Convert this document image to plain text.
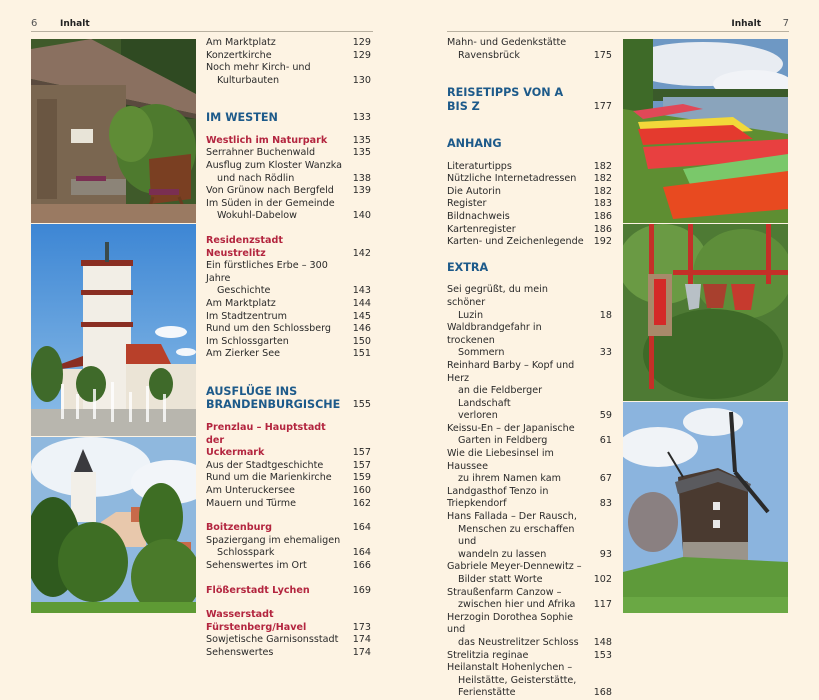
6	Inhalt	Inhalt 7
Am Marktplatz	129
Konzertkirche	129
Noch mehr Kirch- und
Kulturbauten	130
IM WESTEN	133
Westlich im Naturpark	135
Serrahner Buchenwald	135
Ausflug zum Kloster Wanzka
und nach Rödlin	138
Von Grünow nach Bergfeld	139
Im Süden in der Gemeinde
Wokuhl-Dabelow	140
Residenzstadt Neustrelitz	142
Ein fürstliches Erbe – 300 Jahre
Geschichte	143
Am Marktplatz	144
Im Stadtzentrum	145
Rund um den Schlossberg	146
Im Schlossgarten	150
Am Zierker See	151
AUSFLÜGE INS
BRANDENBURGISCHE 155
Prenzlau – Hauptstadt der
Uckermark	157
Aus der Stadtgeschichte	157
Rund um die Marienkirche	159
Am Unteruckersee	160
Mauern und Türme	162
Boitzenburg	164
Spaziergang im ehemaligen
Schlosspark	164
Sehenswertes im Ort	166
Flößerstadt Lychen	169
Wasserstadt Fürstenberg/Havel	173
Sowjetische Garnisonsstadt	174
Sehenswertes	174
Mahn- und Gedenkstätte
Ravensbrück	175
REISETIPPS VON A BIS Z	177
ANHANG
Literaturtipps	182
Nützliche Internetadressen	182
Die Autorin	182
Register	183
Bildnachweis	186
Kartenregister	186
Karten- und Zeichenlegende 192
EXTRA
Sei gegrüßt, du mein schöner
Luzin	18
Waldbrandgefahr in trockenen
Sommern	33
Reinhard Barby – Kopf und Herz
an die Feldberger Landschaft
verloren	59
Keissu-En – der Japanische
Garten in Feldberg	61
Wie die Liebesinsel im Haussee
zu ihrem Namen kam	67
Landgasthof Tenzo in Triepkendorf	83
Hans Fallada – Der Rausch,
Menschen zu erschaffen und
wandeln zu lassen	93
Gabriele Meyer-Dennewitz –
Bilder statt Worte	102
Straußenfarm Canzow –
zwischen hier und Afrika	117
Herzogin Dorothea Sophie und
das Neustrelitzer Schloss	148
Strelitzia reginae	153
Heilanstalt Hohenlychen –
Heilstätte, Geisterstätte,
Ferienstätte	168
